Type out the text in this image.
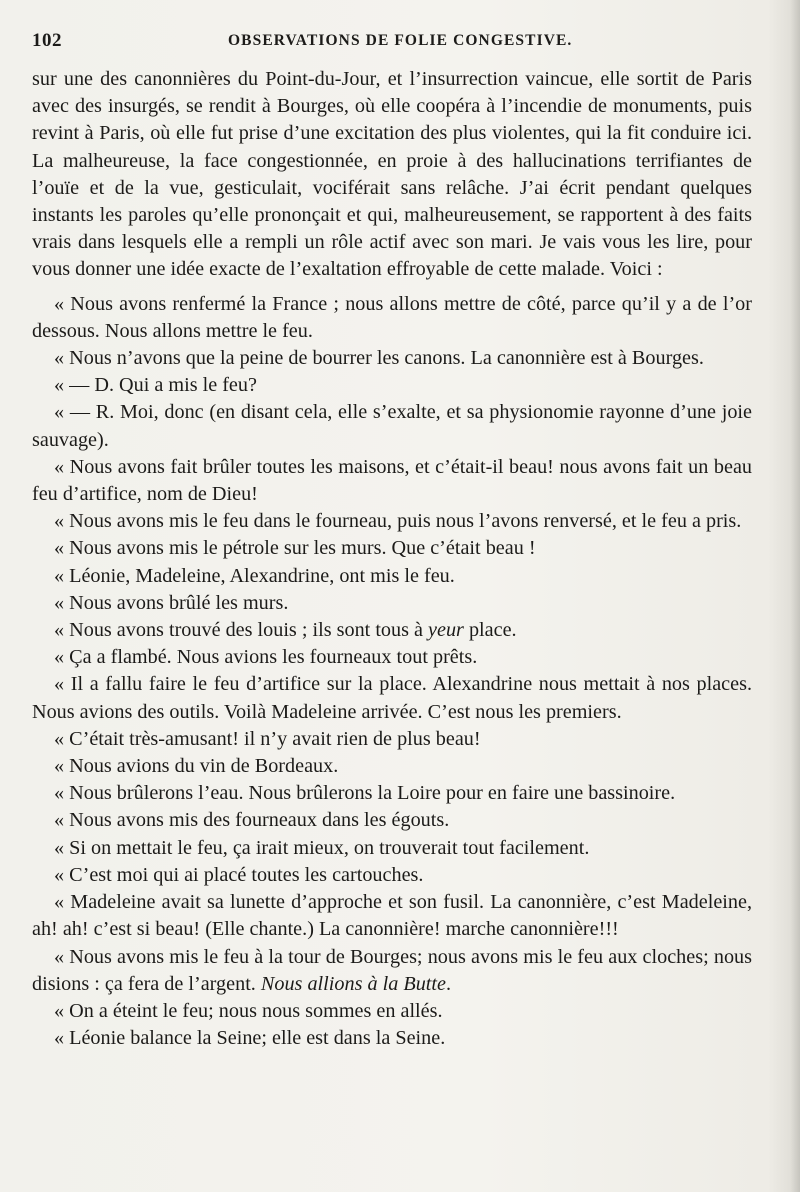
102	OBSERVATIONS DE FOLIE CONGESTIVE.

sur une des canonnières du Point-du-Jour, et l’insurrection vaincue, elle sortit de Paris avec des insurgés, se rendit à Bourges, où elle coopéra à l’incendie de monuments, puis revint à Paris, où elle fut prise d’une excitation des plus violentes, qui la fit conduire ici. La malheureuse, la face congestionnée, en proie à des hallucinations terrifiantes de l’ouïe et de la vue, gesticulait, vociférait sans relâche. J’ai écrit pendant quelques instants les paroles qu’elle prononçait et qui, malheureusement, se rapportent à des faits vrais dans lesquels elle a rempli un rôle actif avec son mari. Je vais vous les lire, pour vous donner une idée exacte de l’exaltation effroyable de cette malade. Voici :

« Nous avons renfermé la France ; nous allons mettre de côté, parce qu’il y a de l’or dessous. Nous allons mettre le feu.

« Nous n’avons que la peine de bourrer les canons. La canonnière est à Bourges.

« — D. Qui a mis le feu?

« — R. Moi, donc (en disant cela, elle s’exalte, et sa physionomie rayonne d’une joie sauvage).

« Nous avons fait brûler toutes les maisons, et c’était-il beau! nous avons fait un beau feu d’artifice, nom de Dieu!

« Nous avons mis le feu dans le fourneau, puis nous l’avons renversé, et le feu a pris.

« Nous avons mis le pétrole sur les murs. Que c’était beau !

« Léonie, Madeleine, Alexandrine, ont mis le feu.

« Nous avons brûlé les murs.

« Nous avons trouvé des louis ; ils sont tous à yeur place.

« Ça a flambé. Nous avions les fourneaux tout prêts.

« Il a fallu faire le feu d’artifice sur la place. Alexandrine nous mettait à nos places. Nous avions des outils. Voilà Madeleine arrivée. C’est nous les premiers.

« C’était très-amusant! il n’y avait rien de plus beau!

« Nous avions du vin de Bordeaux.

« Nous brûlerons l’eau. Nous brûlerons la Loire pour en faire une bassinoire.

« Nous avons mis des fourneaux dans les égouts.

« Si on mettait le feu, ça irait mieux, on trouverait tout facilement.

« C’est moi qui ai placé toutes les cartouches.

« Madeleine avait sa lunette d’approche et son fusil. La canonnière, c’est Madeleine, ah! ah! c’est si beau! (Elle chante.) La canonnière! marche canonnière!!!

« Nous avons mis le feu à la tour de Bourges; nous avons mis le feu aux cloches; nous disions : ça fera de l’argent. Nous allions à la Butte.

« On a éteint le feu; nous nous sommes en allés.

« Léonie balance la Seine; elle est dans la Seine.
